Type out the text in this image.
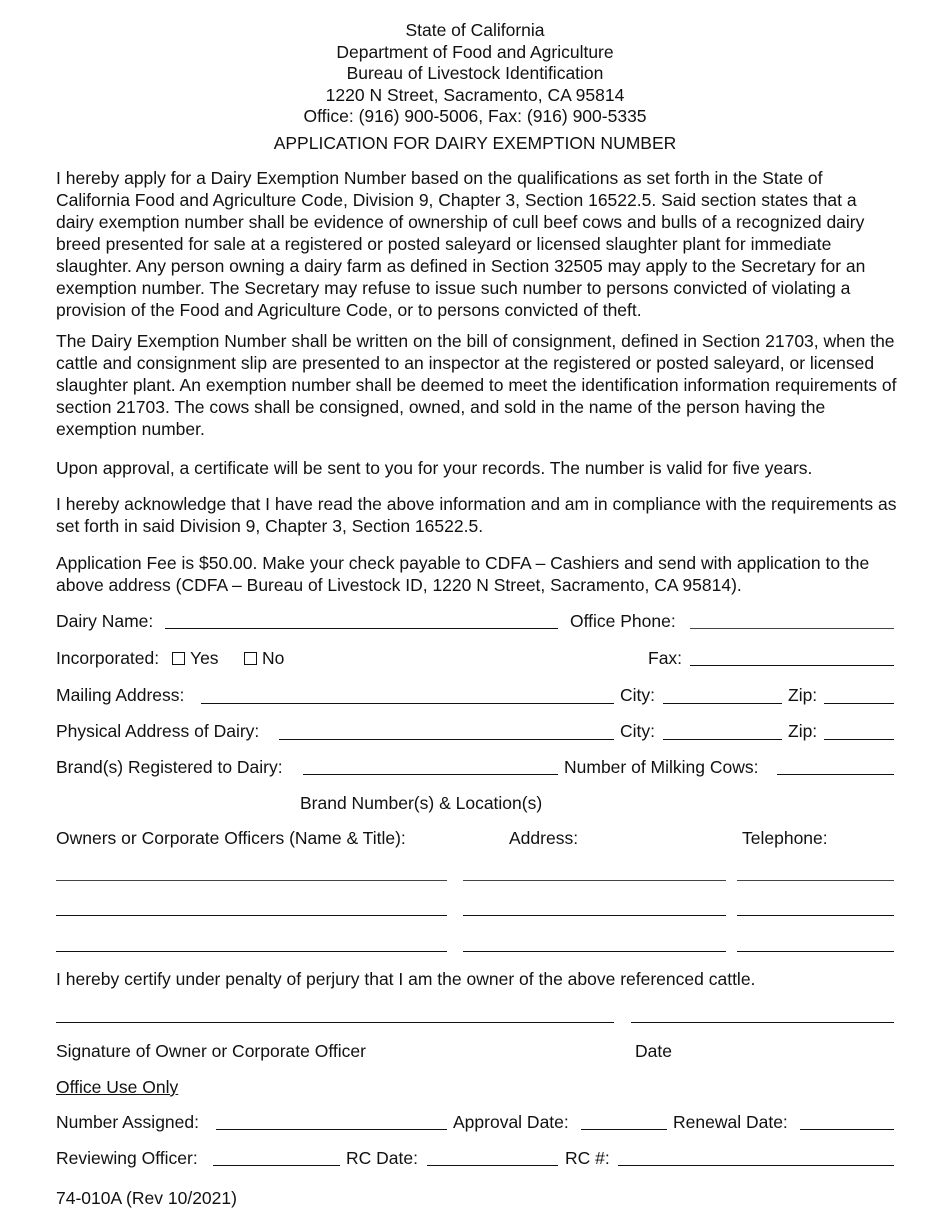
State of California
Department of Food and Agriculture
Bureau of Livestock Identification
1220 N Street, Sacramento, CA 95814
Office: (916) 900-5006, Fax: (916) 900-5335
APPLICATION FOR DAIRY EXEMPTION NUMBER
I hereby apply for a Dairy Exemption Number based on the qualifications as set forth in the State of California Food and Agriculture Code, Division 9, Chapter 3, Section 16522.5. Said section states that a dairy exemption number shall be evidence of ownership of cull beef cows and bulls of a recognized dairy breed presented for sale at a registered or posted saleyard or licensed slaughter plant for immediate slaughter. Any person owning a dairy farm as defined in Section 32505 may apply to the Secretary for an exemption number. The Secretary may refuse to issue such number to persons convicted of violating a provision of the Food and Agriculture Code, or to persons convicted of theft.
The Dairy Exemption Number shall be written on the bill of consignment, defined in Section 21703, when the cattle and consignment slip are presented to an inspector at the registered or posted saleyard, or licensed slaughter plant. An exemption number shall be deemed to meet the identification information requirements of section 21703. The cows shall be consigned, owned, and sold in the name of the person having the exemption number.
Upon approval, a certificate will be sent to you for your records. The number is valid for five years.
I hereby acknowledge that I have read the above information and am in compliance with the requirements as set forth in said Division 9, Chapter 3, Section 16522.5.
Application Fee is $50.00. Make your check payable to CDFA – Cashiers and send with application to the above address (CDFA – Bureau of Livestock ID, 1220 N Street, Sacramento, CA 95814).
Dairy Name:	Office Phone:
Incorporated:	Yes	No	Fax:
Mailing Address:	City:	Zip:
Physical Address of Dairy:	City:	Zip:
Brand(s) Registered to Dairy:	Number of Milking Cows:
Brand Number(s) & Location(s)
Owners or Corporate Officers (Name & Title):	Address:	Telephone:
I hereby certify under penalty of perjury that I am the owner of the above referenced cattle.
Signature of Owner or Corporate Officer	Date
Office Use Only
Number Assigned:	Approval Date:	Renewal Date:
Reviewing Officer:	RC Date:	RC #:
74-010A (Rev 10/2021)
